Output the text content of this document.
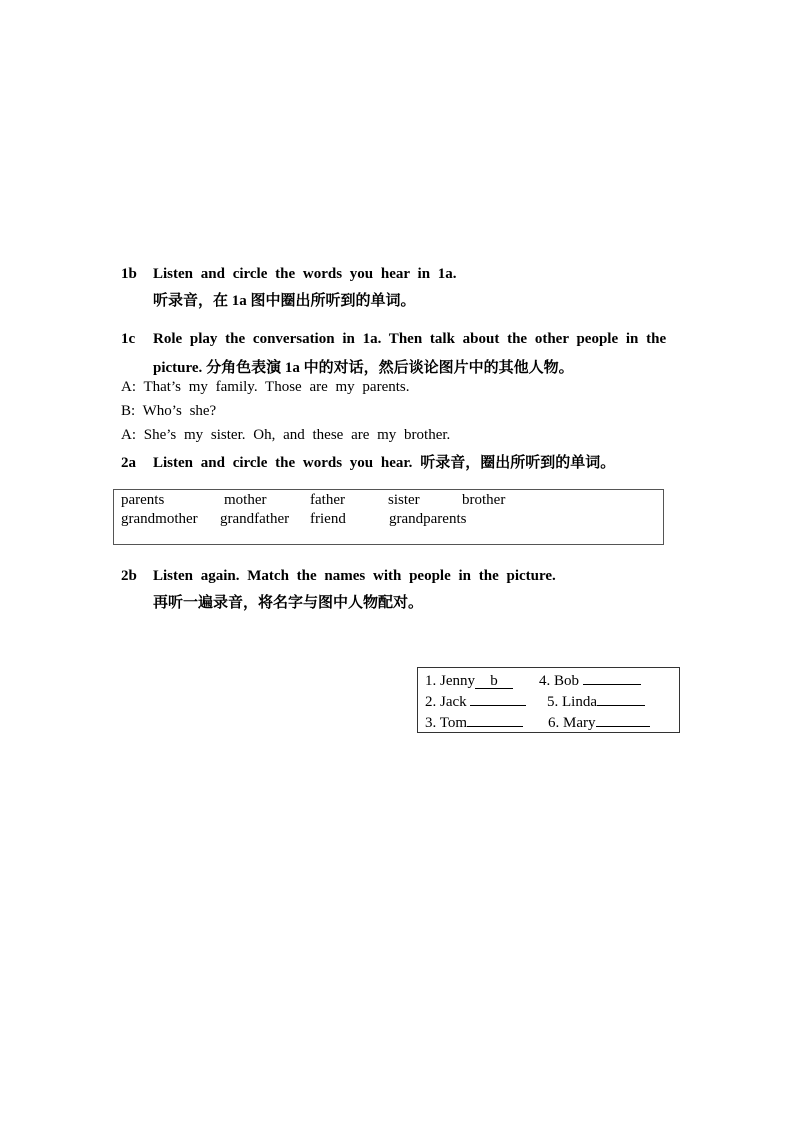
1b Listen and circle the words you hear in 1a.
听录音，在 1a 图中圈出所听到的单词。
1c Role play the conversation in 1a. Then talk about the other people in the
picture. 分角色表演 1a 中的对话，然后谈论图片中的其他人物。
A: That’s my family. Those are my parents.
B: Who’s she?
A: She’s my sister. Oh, and these are my brother.
2a Listen and circle the words you hear. 听录音，圈出所听到的单词。
parents	mother	father	sister	brother
grandmother grandfather friend	grandparents
2b Listen again. Match the names with people in the picture.
再听一遍录音，将名字与图中人物配对。
1. Jenny b	4. Bob
2. Jack	5. Linda
3. Tom	6. Mary
